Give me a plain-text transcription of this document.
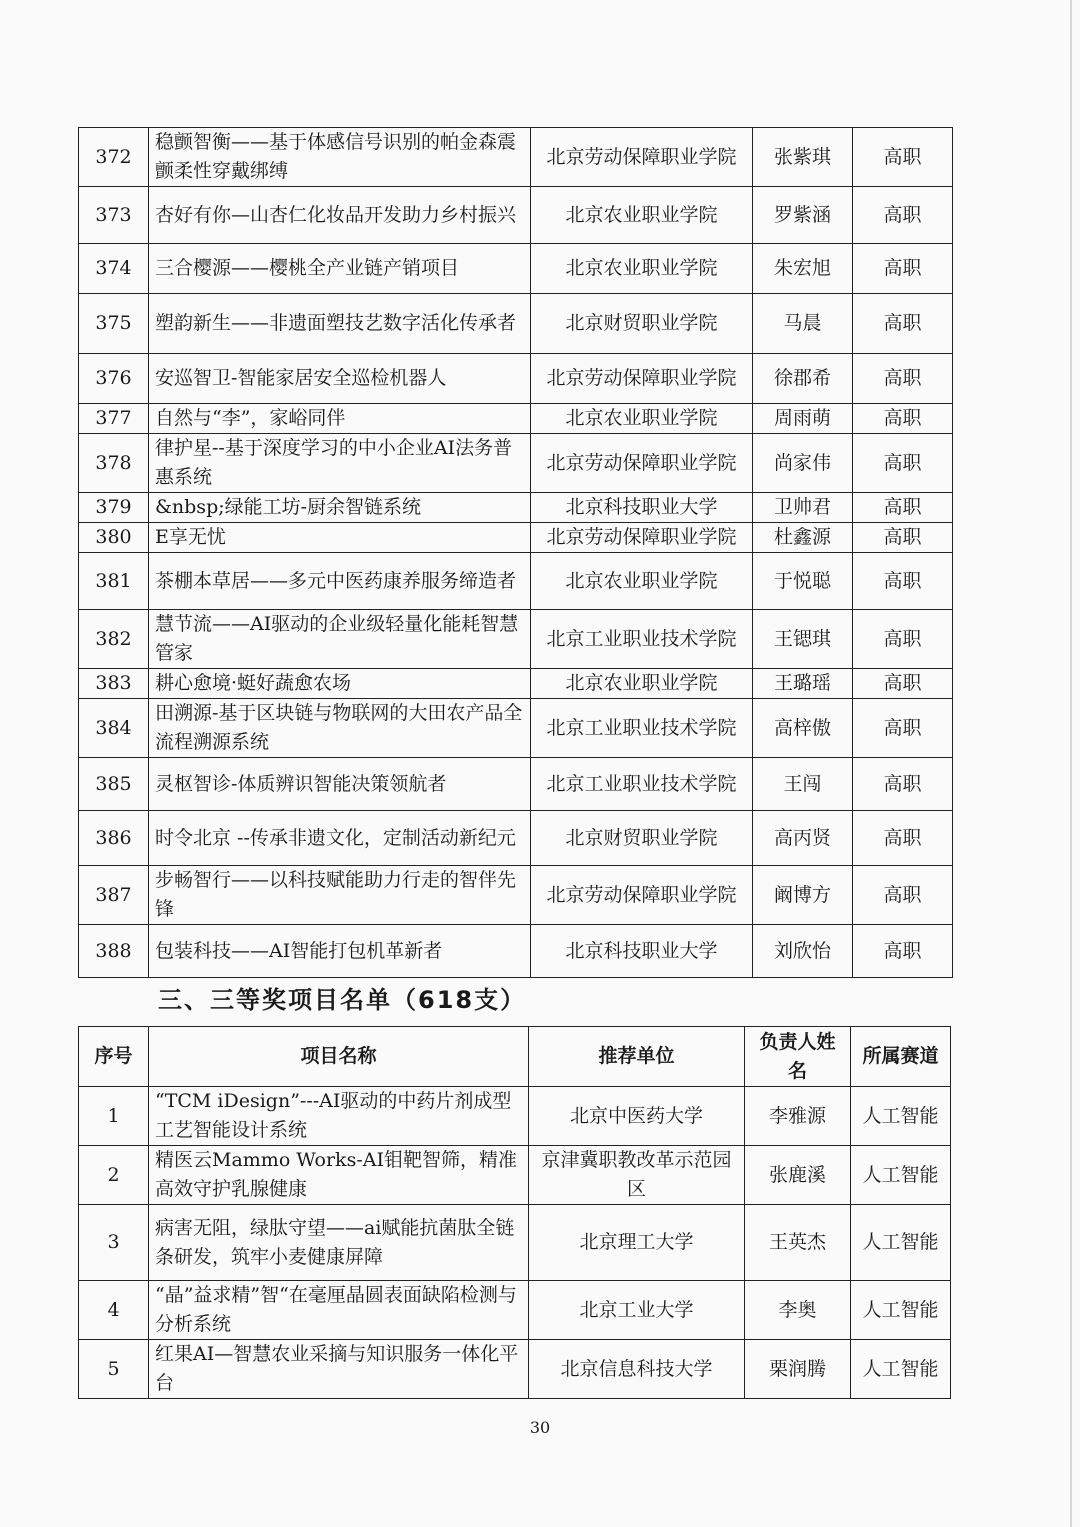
372	稳颤智衡——基于体感信号识别的帕金森震颤柔性穿戴绑缚	北京劳动保障职业学院	张紫琪	高职
373	杏好有你—山杏仁化妆品开发助力乡村振兴	北京农业职业学院	罗紫涵	高职
374	三合樱源——樱桃全产业链产销项目	北京农业职业学院	朱宏旭	高职
375	塑韵新生——非遗面塑技艺数字活化传承者	北京财贸职业学院	马晨	高职
376	安巡智卫-智能家居安全巡检机器人	北京劳动保障职业学院	徐郡希	高职
377	自然与“李”，家峪同伴	北京农业职业学院	周雨萌	高职
378	律护星--基于深度学习的中小企业AI法务普惠系统	北京劳动保障职业学院	尚家伟	高职
379	&nbsp;绿能工坊-厨余智链系统	北京科技职业大学	卫帅君	高职
380	E享无忧	北京劳动保障职业学院	杜鑫源	高职
381	茶棚本草居——多元中医药康养服务缔造者	北京农业职业学院	于悦聪	高职
382	慧节流——AI驱动的企业级轻量化能耗智慧管家	北京工业职业技术学院	王锶琪	高职
383	耕心愈境·蜓好蔬愈农场	北京农业职业学院	王璐瑶	高职
384	田溯源-基于区块链与物联网的大田农产品全流程溯源系统	北京工业职业技术学院	高梓傲	高职
385	灵枢智诊-体质辨识智能决策领航者	北京工业职业技术学院	王闯	高职
386	时令北京 --传承非遗文化，定制活动新纪元	北京财贸职业学院	高丙贤	高职
387	步畅智行——以科技赋能助力行走的智伴先锋	北京劳动保障职业学院	阚博方	高职
388	包装科技——AI智能打包机革新者	北京科技职业大学	刘欣怡	高职
三、三等奖项目名单（618支）
序号	项目名称	推荐单位	负责人姓名	所属赛道
1	“TCM iDesign”---AI驱动的中药片剂成型工艺智能设计系统	北京中医药大学	李雅源	人工智能
2	精医云Mammo Works-AI钼靶智筛，精准高效守护乳腺健康	京津冀职教改革示范园区	张鹿溪	人工智能
3	病害无阻，绿肽守望——ai赋能抗菌肽全链条研发，筑牢小麦健康屏障	北京理工大学	王英杰	人工智能
4	“晶”益求精”智“在毫厘晶圆表面缺陷检测与分析系统	北京工业大学	李奥	人工智能
5	红果AI—智慧农业采摘与知识服务一体化平台	北京信息科技大学	栗润腾	人工智能
30
